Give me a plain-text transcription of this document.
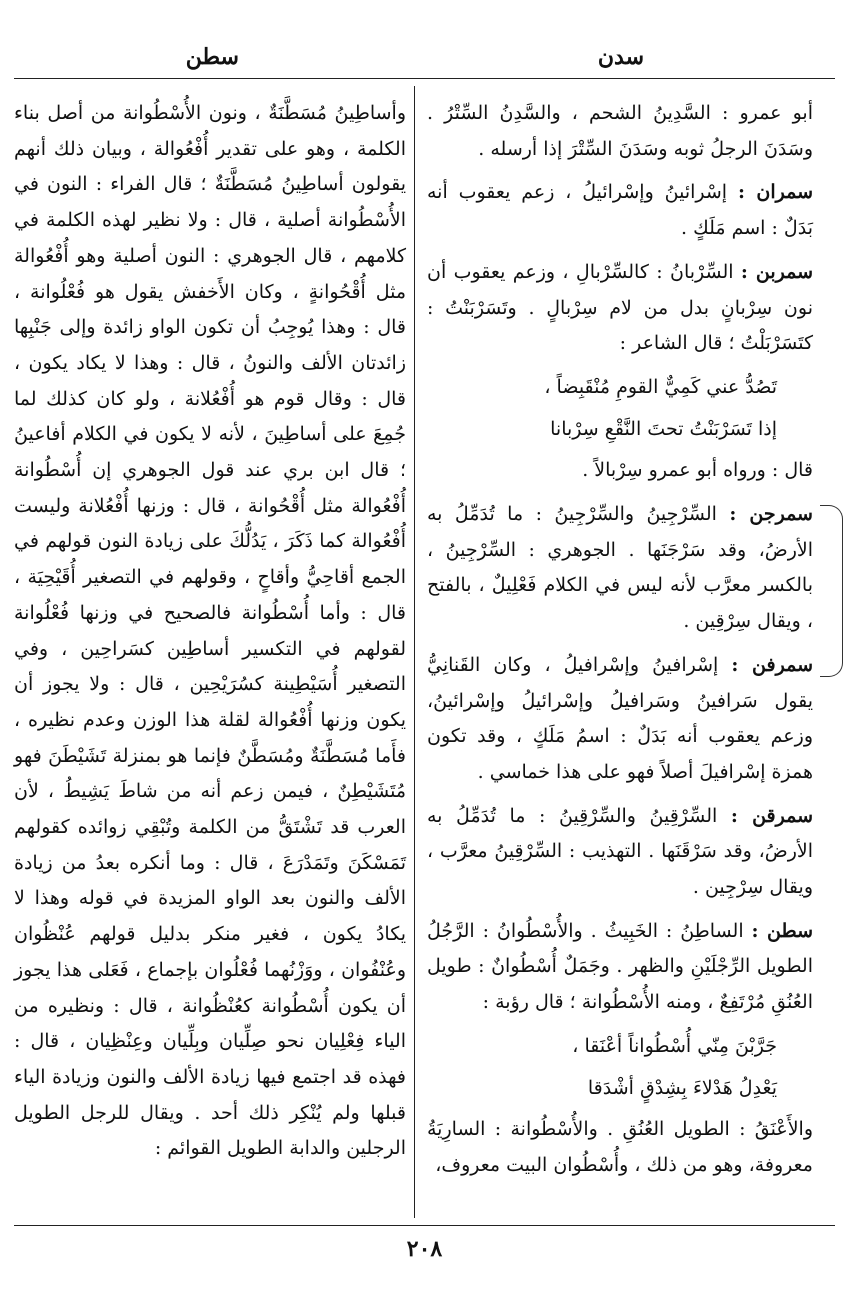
سدن
سطن
أبو عمرو : السَّدِينُ الشحم ، والسَّدِنُ السِّتْرُ . وسَدَنَ الرجلُ ثوبه وسَدَنَ السِّتْرَ إذا أرسله .
سمران : إسْرائينُ وإسْرائيلُ ، زعم يعقوب أنه بَدَلٌ : اسم مَلَكٍ .
سمربن : السِّرْبانُ : كالسِّرْبالِ ، وزعم يعقوب أن نون سِرْبانٍ بدل من لام سِرْبالٍ . وتَسَرْبَنْتُ : كتَسَرْبَلْتُ ؛ قال الشاعر :
تَصُدُّ عني كَمِيٌّ القومِ مُنْقَبِضاً ،
إذا تَسَرْبَنْتُ تحتَ النَّقْعِ سِرْبانا
قال : ورواه أبو عمرو سِرْبالاً .
سمرجن : السِّرْجِينُ والسِّرْجِينُ : ما تُدَمِّلُ به الأرضُ، وقد سَرْجَنَها . الجوهري : السِّرْجِينُ ، بالكسر معرَّب لأنه ليس في الكلام فَعْلِيلٌ ، بالفتح ، ويقال سِرْقِين .
سمرفن : إسْرافينُ وإسْرافيلُ ، وكان القَنانِيُّ يقول سَرافينُ وسَرافيلُ وإسْرائيلُ وإسْرائينُ، وزعم يعقوب أنه بَدَلٌ : اسمُ مَلَكٍ ، وقد تكون همزة إسْرافيلَ أصلاً فهو على هذا خماسي .
سمرقن : السِّرْقِينُ والسِّرْقِينُ : ما تُدَمِّلُ به الأرضُ، وقد سَرْقَنَها . التهذيب : السِّرْقِينُ معرَّب ، ويقال سِرْجِين .
سطن : الساطِنُ : الخَبِيثُ . والأُسْطُوانُ : الرَّجُلُ الطويل الرِّجْلَيْنِ والظهر . وجَمَلٌ أُسْطُوانٌ : طويل العُنُقِ مُرْتَفِعٌ ، ومنه الأُسْطُوانة ؛ قال رؤبة :
جَرَّبْنَ مِنّي أُسْطُواناً أعْنَقا ،
يَعْدِلُ هَدْلاءَ بِشِدْقٍ أشْدَقا
والأَعْنَقُ : الطويل العُنُقِ . والأُسْطُوانة : السارِيَةُ معروفة، وهو من ذلك ، وأُسْطُوان البيت معروف،
وأساطِينُ مُسَطَّنَةٌ ، ونون الأُسْطُوانة من أصل بناء الكلمة ، وهو على تقدير أُفْعُوالة ، وبيان ذلك أنهم يقولون أساطِينُ مُسَطَّنَةٌ ؛ قال الفراء : النون في الأُسْطُوانة أصلية ، قال : ولا نظير لهذه الكلمة في كلامهم ، قال الجوهري : النون أصلية وهو أُفْعُوالة مثل أُقْحُوانةٍ ، وكان الأَخفش يقول هو فُعْلُوانة ، قال : وهذا يُوجِبُ أن تكون الواو زائدة وإلى جَنْبِها زائدتان الألف والنونُ ، قال : وهذا لا يكاد يكون ، قال : وقال قوم هو أُفْعُلانة ، ولو كان كذلك لما جُمِعَ على أساطِينَ ، لأنه لا يكون في الكلام أفاعينُ ؛ قال ابن بري عند قول الجوهري إن أُسْطُوانة أُفْعُوالة مثل أُقْحُوانة ، قال : وزنها أُفْعُلانة وليست أُفْعُوالة كما ذَكَرَ ، يَدُلُّكَ على زيادة النون قولهم في الجمع أقاحِيُّ وأقاحٍ ، وقولهم في التصغير أُقَيْحِيَة ، قال : وأما أُسْطُوانة فالصحيح في وزنها فُعْلُوانة لقولهم في التكسير أساطِين كسَراحِين ، وفي التصغير أُسَيْطِينة كسُرَيْحِين ، قال : ولا يجوز أن يكون وزنها أُفْعُوالة لقلة هذا الوزن وعدم نظيره ، فأَما مُسَطَّنَةٌ ومُسَطَّنٌ فإنما هو بمنزلة تَشَيْطَنَ فهو مُتَشَيْطِنٌ ، فيمن زعم أنه من شاطَ يَشِيطُ ، لأن العرب قد تَشْتَقُّ من الكلمة وتُبْقِي زوائده كقولهم تَمَسْكَنَ وتَمَدْرَعَ ، قال : وما أنكره بعدُ من زيادة الألف والنون بعد الواو المزيدة في قوله وهذا لا يكادُ يكون ، فغير منكر بدليل قولهم عُنْظُوان وعُنْفُوان ، ووَزْنُهما فُعْلُوان بإجماع ، فَعَلى هذا يجوز أن يكون أُسْطُوانة كعُنْظُوانة ، قال : ونظيره من الياء فِعْلِيان نحو صِلِّيان وبِلِّيان وعِنْظِيان ، قال : فهذه قد اجتمع فيها زيادة الألف والنون وزيادة الياء قبلها ولم يُنْكِر ذلك أحد . ويقال للرجل الطويل الرجلين والدابة الطويل القوائم :
٢٠٨
